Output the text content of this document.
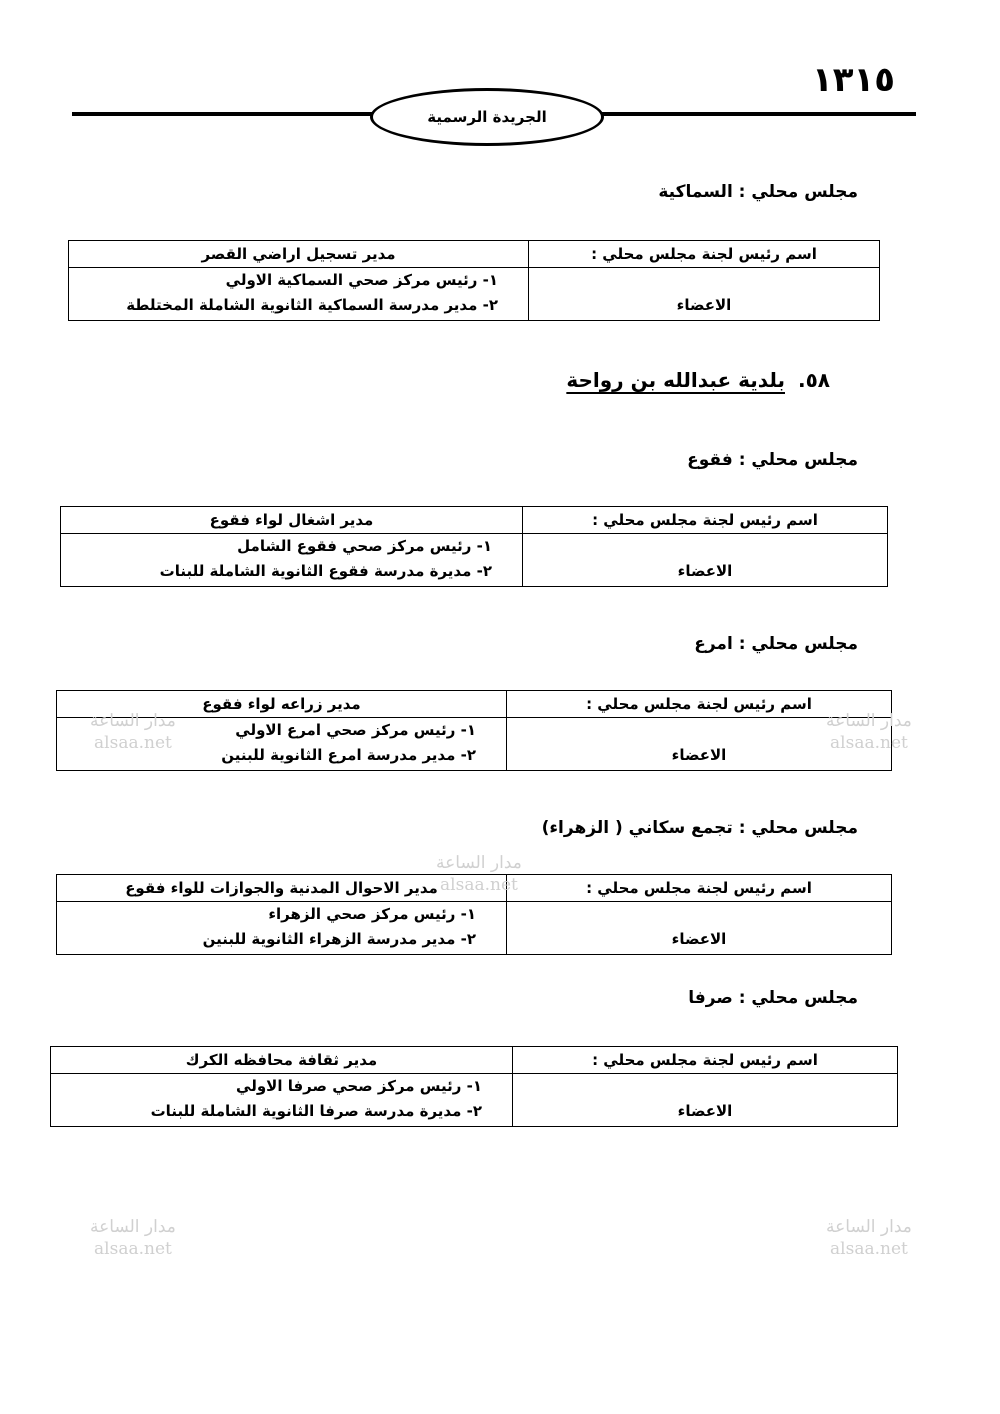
١٣١٥
الجريدة الرسمية
مجلس محلي : السماكية
اسم رئيس لجنة مجلس محلي :	مدير تسجيل اراضي القصر

الاعضاء	١- رئيس مركز صحي السماكية الاولي
٢- مدير مدرسة السماكية الثانوية الشاملة المختلطة
٥٨. بلدية عبدالله بن رواحة
مجلس محلي : فقوع
اسم رئيس لجنة مجلس محلي :	مدير اشغال لواء فقوع

الاعضاء	١- رئيس مركز صحي فقوع الشامل
٢- مديرة مدرسة فقوع الثانوية الشاملة للبنات
مجلس محلي : امرع
اسم رئيس لجنة مجلس محلي :	مدير زراعه لواء فقوع

الاعضاء	١- رئيس مركز صحي امرع الاولي
٢- مدير مدرسة امرع الثانوية للبنين
مجلس محلي : تجمع سكاني ( الزهراء)
اسم رئيس لجنة مجلس محلي :	مدير الاحوال المدنية والجوازات للواء فقوع

الاعضاء	١- رئيس مركز صحي الزهراء
٢- مدير مدرسة الزهراء الثانوية للبنين
مجلس محلي : صرفا
اسم رئيس لجنة مجلس محلي :	مدير ثقافة محافظه الكرك

الاعضاء	١- رئيس مركز صحي صرفا الاولي
٢- مديرة مدرسة صرفا الثانوية الشاملة للبنات
مدار الساعة
alsaa.net
مدار الساعة
alsaa.net
مدار الساعة
alsaa.net
مدار الساعة
alsaa.net
مدار الساعة
alsaa.net
